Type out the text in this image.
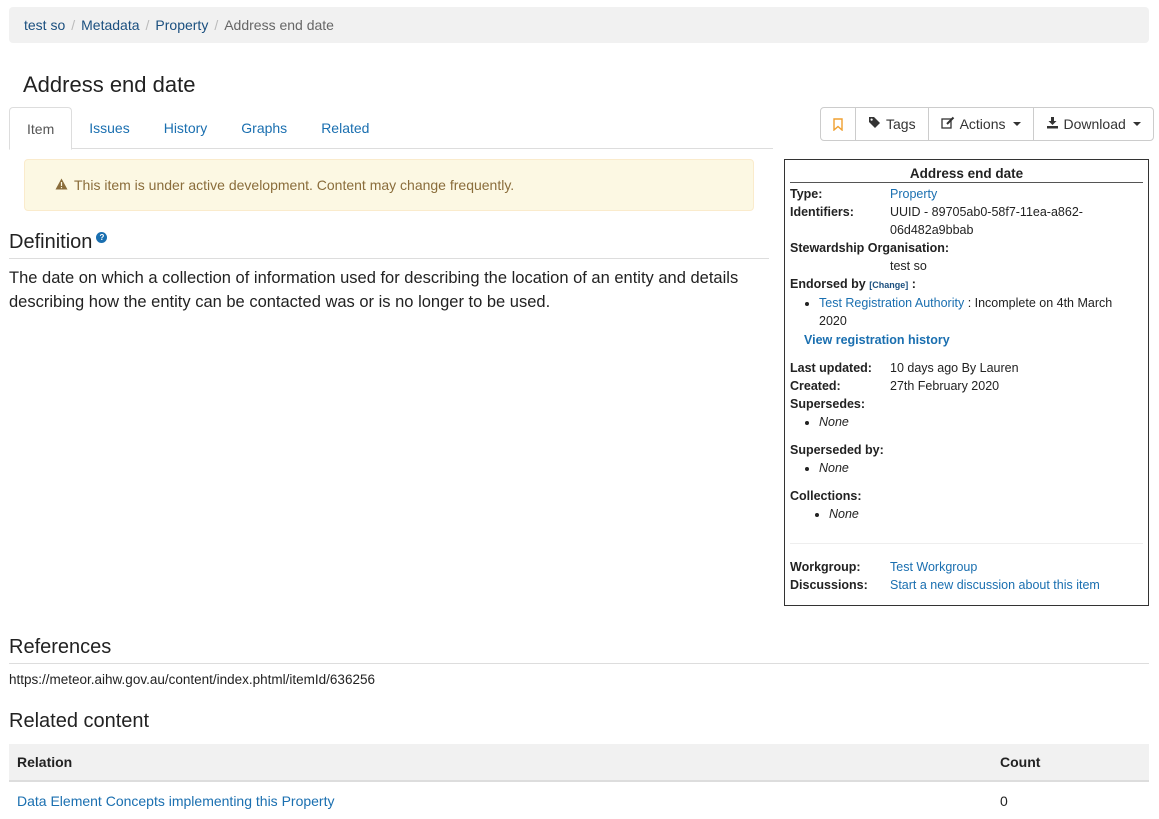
test so / Metadata / Property / Address end date
Address end date
Item	Issues	History	Graphs	Related	Tags	Actions	Download
This item is under active development. Content may change frequently.
Definition ?

The date on which a collection of information used for describing the location of an entity and details describing how the entity can be contacted was or is no longer to be used.

Address end date
Type:	Property
Identifiers:	UUID - 89705ab0-58f7-11ea-a862-06d482a9bbab
Stewardship Organisation:
test so
Endorsed by [Change] :
• Test Registration Authority : Incomplete on 4th March 2020
View registration history
Last updated:	10 days ago By Lauren
Created:	27th February 2020
Supersedes:
• None
Superseded by:
• None
Collections:
• None
Workgroup:	Test Workgroup
Discussions:	Start a new discussion about this item
References
https://meteor.aihw.gov.au/content/index.phtml/itemId/636256
Related content
Relation	Count
Data Element Concepts implementing this Property	0
